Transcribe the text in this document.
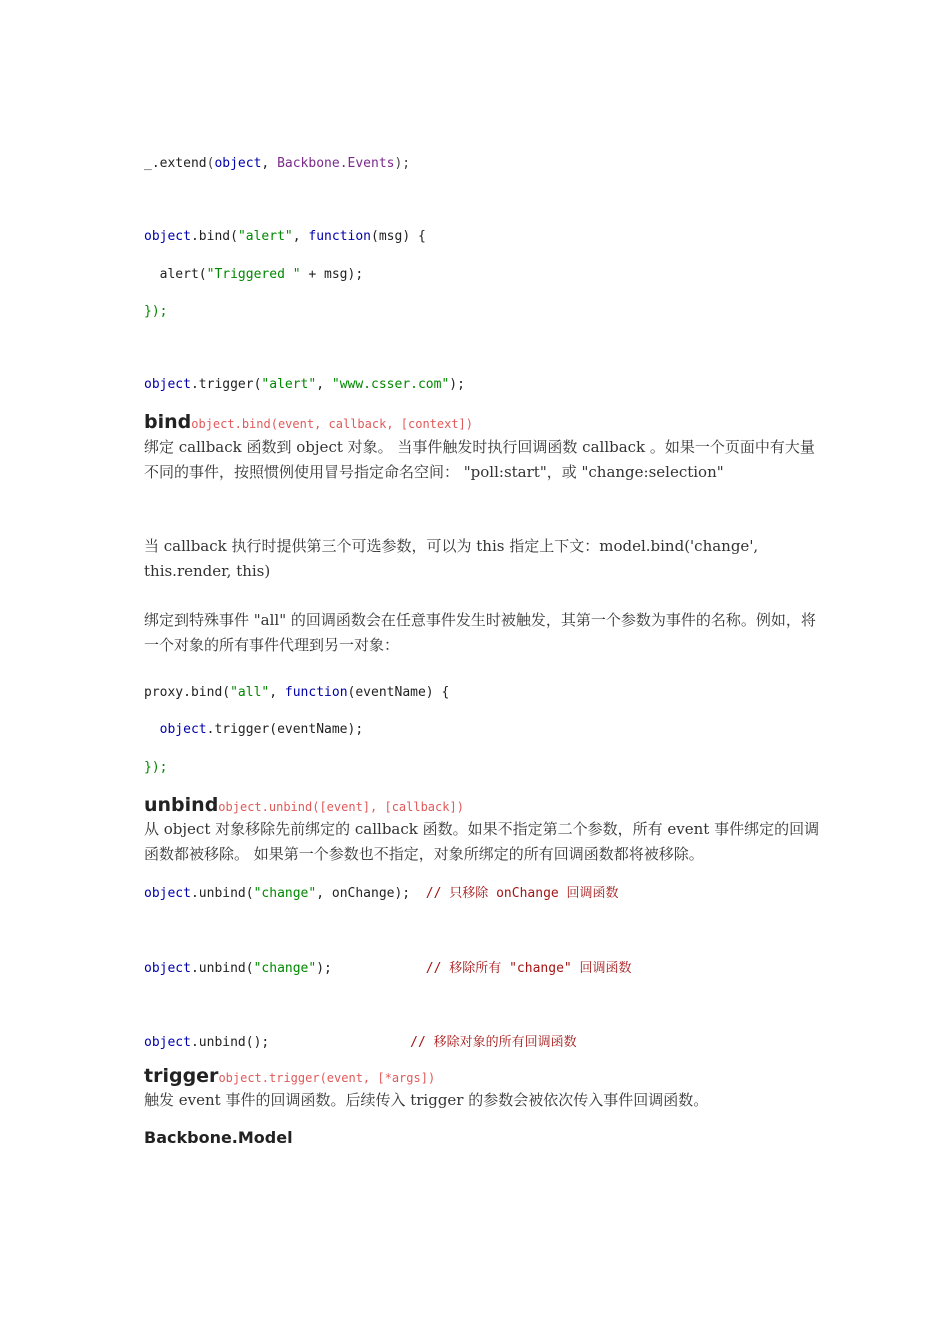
_.extend(object, Backbone.Events);
object.bind("alert", function(msg) {
alert("Triggered " + msg);
});
object.trigger("alert", "www.csser.com");
bindobject.bind(event, callback, [context])
绑定 callback 函数到 object 对象。 当事件触发时执行回调函数 callback 。如果一个页面中有大量不同的事件，按照惯例使用冒号指定命名空间： "poll:start"，或 "change:selection"
当 callback 执行时提供第三个可选参数，可以为 this 指定上下文：model.bind('change', this.render, this)
绑定到特殊事件 "all" 的回调函数会在任意事件发生时被触发，其第一个参数为事件的名称。例如，将一个对象的所有事件代理到另一对象：
proxy.bind("all", function(eventName) {
object.trigger(eventName);
});
unbindobject.unbind([event], [callback])
从 object 对象移除先前绑定的 callback 函数。如果不指定第二个参数，所有 event 事件绑定的回调函数都被移除。 如果第一个参数也不指定，对象所绑定的所有回调函数都将被移除。
object.unbind("change", onChange); // 只移除 onChange 回调函数
object.unbind("change");	// 移除所有 "change" 回调函数
object.unbind();	// 移除对象的所有回调函数
triggerobject.trigger(event, [*args])
触发 event 事件的回调函数。后续传入 trigger 的参数会被依次传入事件回调函数。
Backbone.Model
